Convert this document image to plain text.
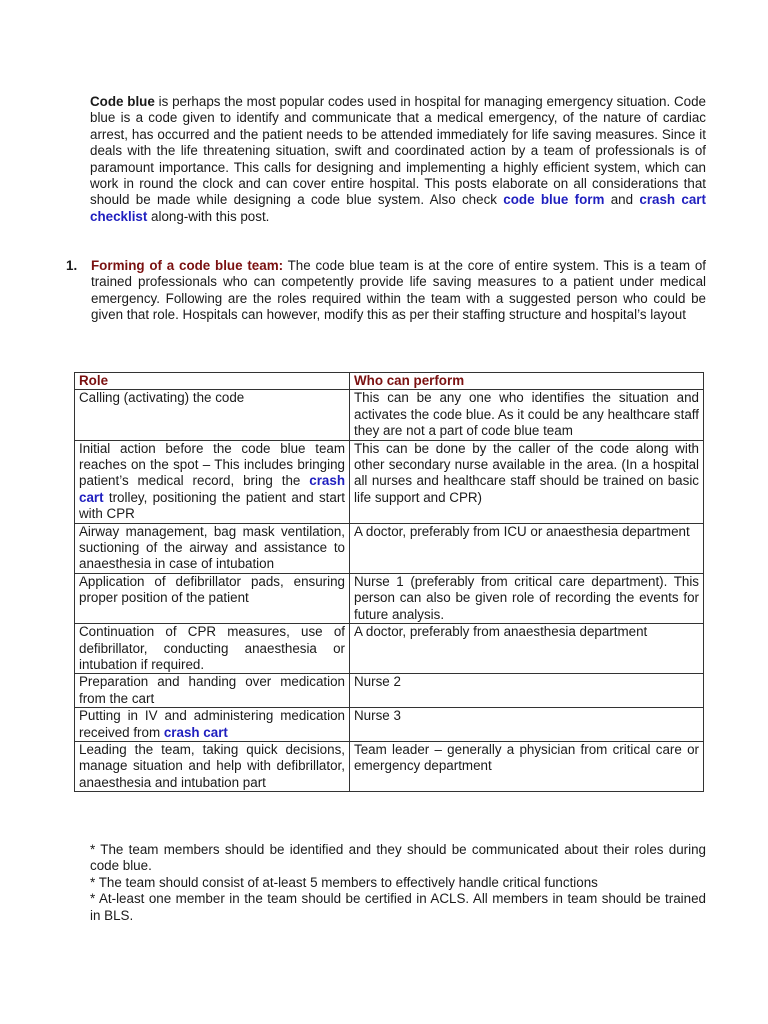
Code blue is perhaps the most popular codes used in hospital for managing emergency situation. Code blue is a code given to identify and communicate that a medical emergency, of the nature of cardiac arrest, has occurred and the patient needs to be attended immediately for life saving measures. Since it deals with the life threatening situation, swift and coordinated action by a team of professionals is of paramount importance. This calls for designing and implementing a highly efficient system, which can work in round the clock and can cover entire hospital. This posts elaborate on all considerations that should be made while designing a code blue system. Also check code blue form and crash cart checklist along-with this post.

1. Forming of a code blue team: The code blue team is at the core of entire system. This is a team of trained professionals who can competently provide life saving measures to a patient under medical emergency. Following are the roles required within the team with a suggested person who could be given that role. Hospitals can however, modify this as per their staffing structure and hospital’s layout
Role	Who can perform
Calling (activating) the code	This can be any one who identifies the situation and activates the code blue. As it could be any healthcare staff they are not a part of code blue team
Initial action before the code blue team reaches on the spot – This includes bringing patient’s medical record, bring the crash cart trolley, positioning the patient and start with CPR	This can be done by the caller of the code along with other secondary nurse available in the area. (In a hospital all nurses and healthcare staff should be trained on basic life support and CPR)
Airway management, bag mask ventilation, suctioning of the airway and assistance to anaesthesia in case of intubation	A doctor, preferably from ICU or anaesthesia department
Application of defibrillator pads, ensuring proper position of the patient	Nurse 1 (preferably from critical care department). This person can also be given role of recording the events for future analysis.
Continuation of CPR measures, use of defibrillator, conducting anaesthesia or intubation if required.	A doctor, preferably from anaesthesia department
Preparation and handing over medication from the cart	Nurse 2
Putting in IV and administering medication received from crash cart	Nurse 3
Leading the team, taking quick decisions, manage situation and help with defibrillator, anaesthesia and intubation part	Team leader – generally a physician from critical care or emergency department
* The team members should be identified and they should be communicated about their roles during code blue.
* The team should consist of at-least 5 members to effectively handle critical functions
* At-least one member in the team should be certified in ACLS. All members in team should be trained in BLS.
